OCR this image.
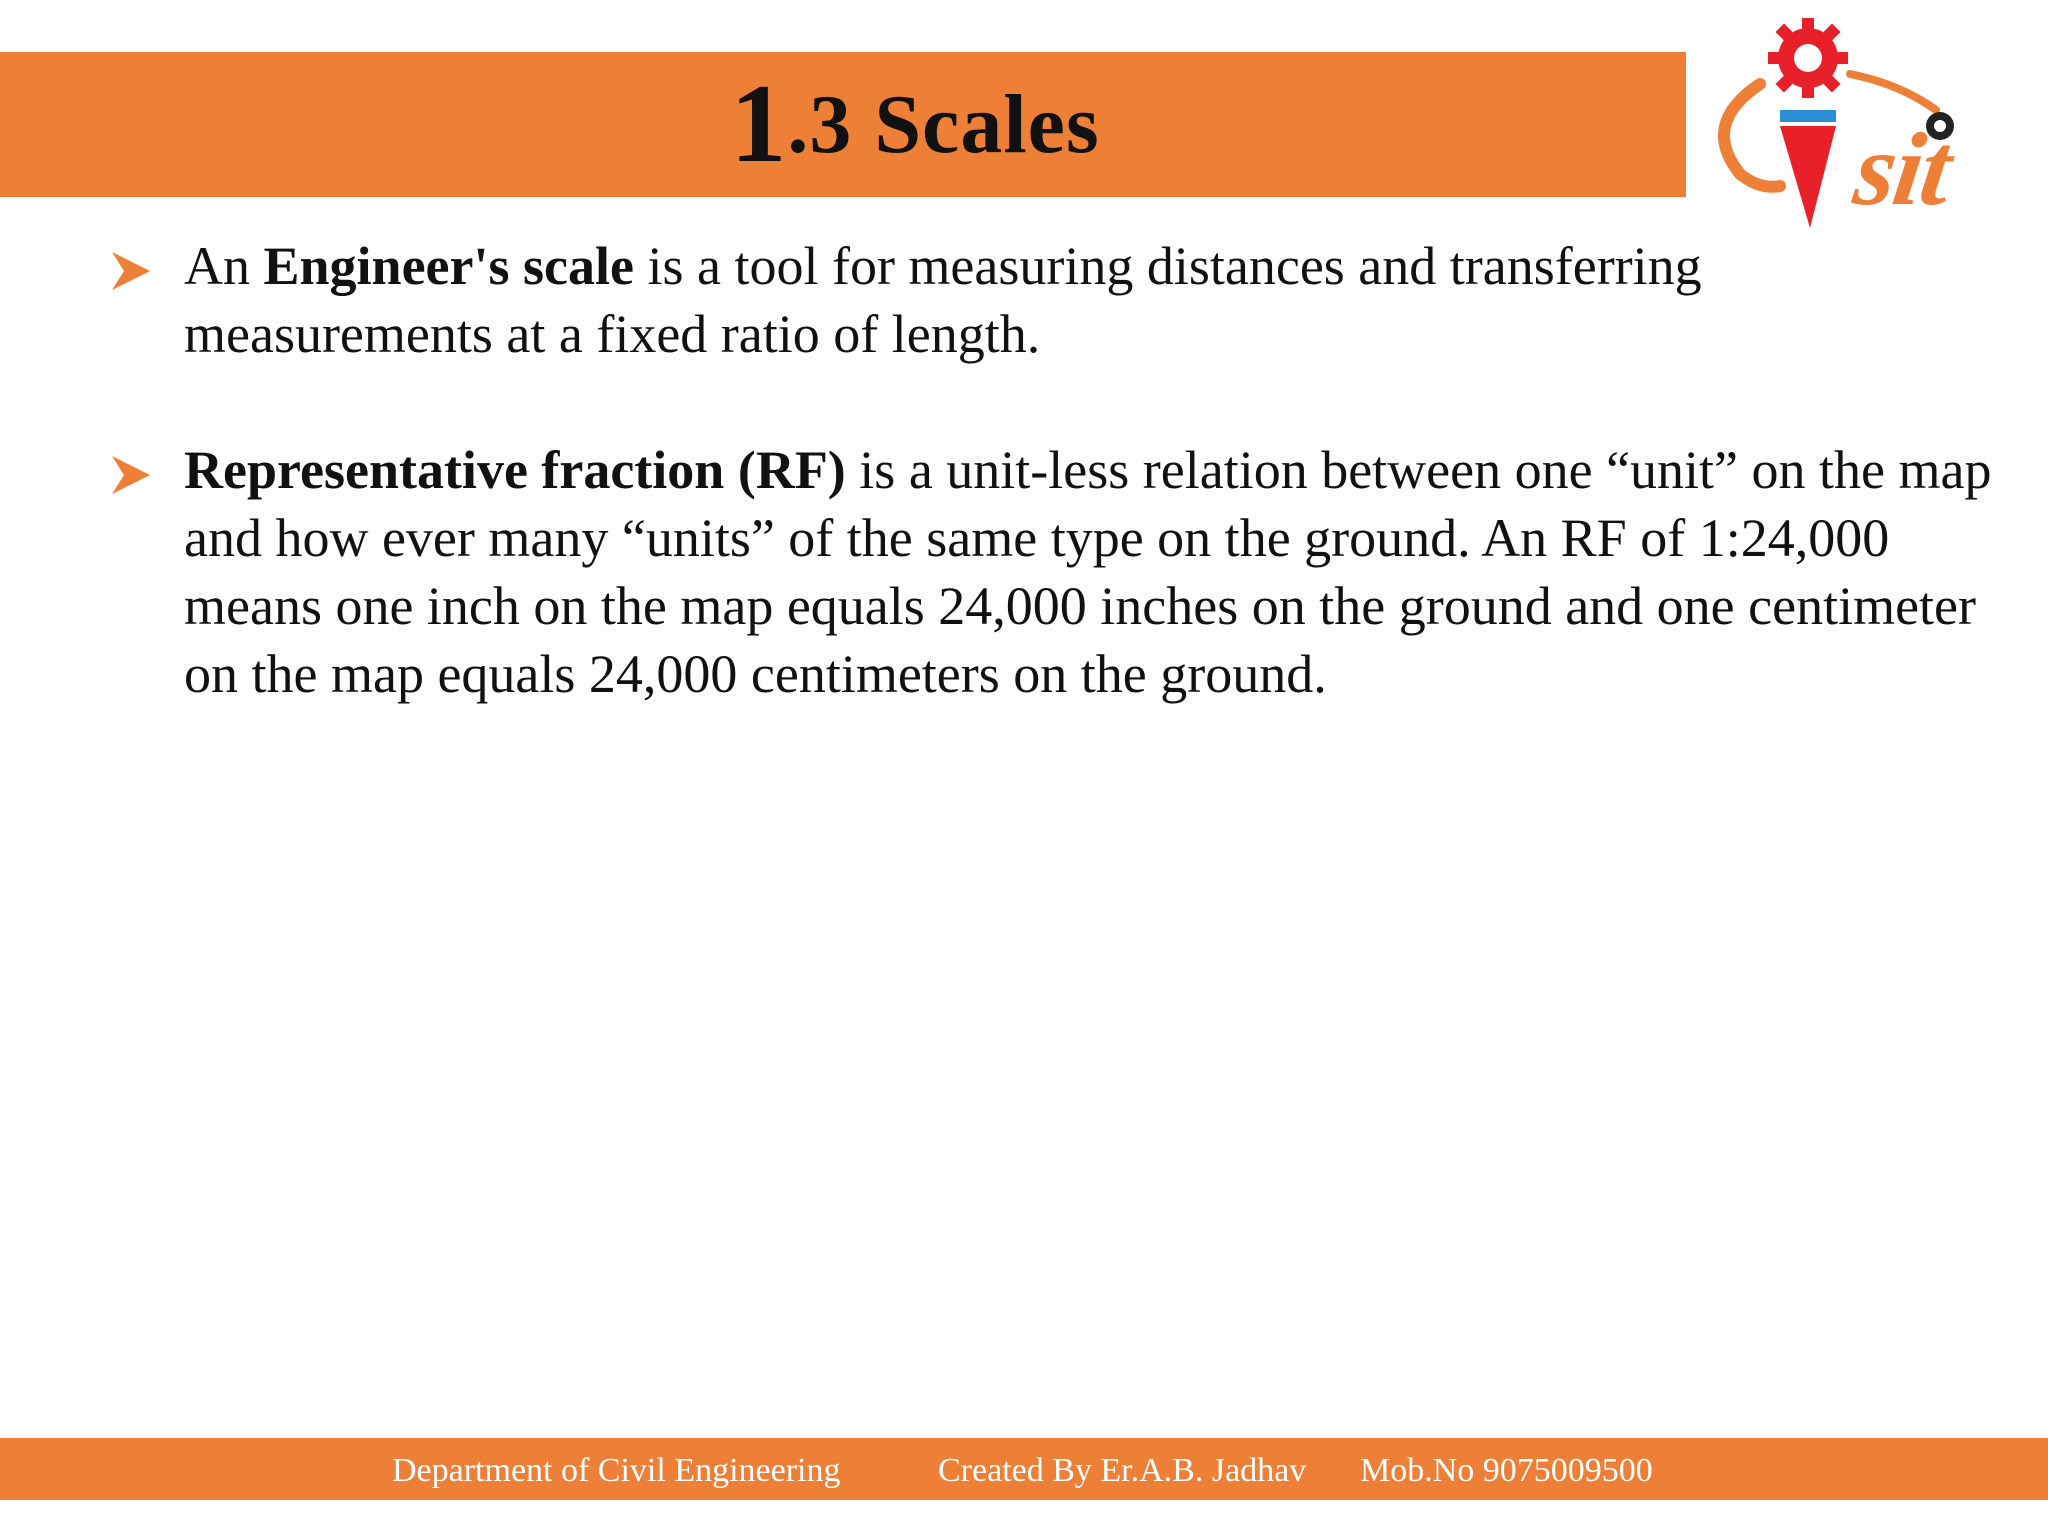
1 .3 Scales	sit
An Engineer's scale is a tool for measuring distances and transferring measurements at a fixed ratio of length.
Representative fraction (RF) is a unit-less relation between one “unit” on the map and how ever many “units” of the same type on the ground. An RF of 1:24,000 means one inch on the map equals 24,000 inches on the ground and one centimeter on the map equals 24,000 centimeters on the ground.
Department of Civil Engineering	Created By Er.A.B. Jadhav Mob.No 9075009500
